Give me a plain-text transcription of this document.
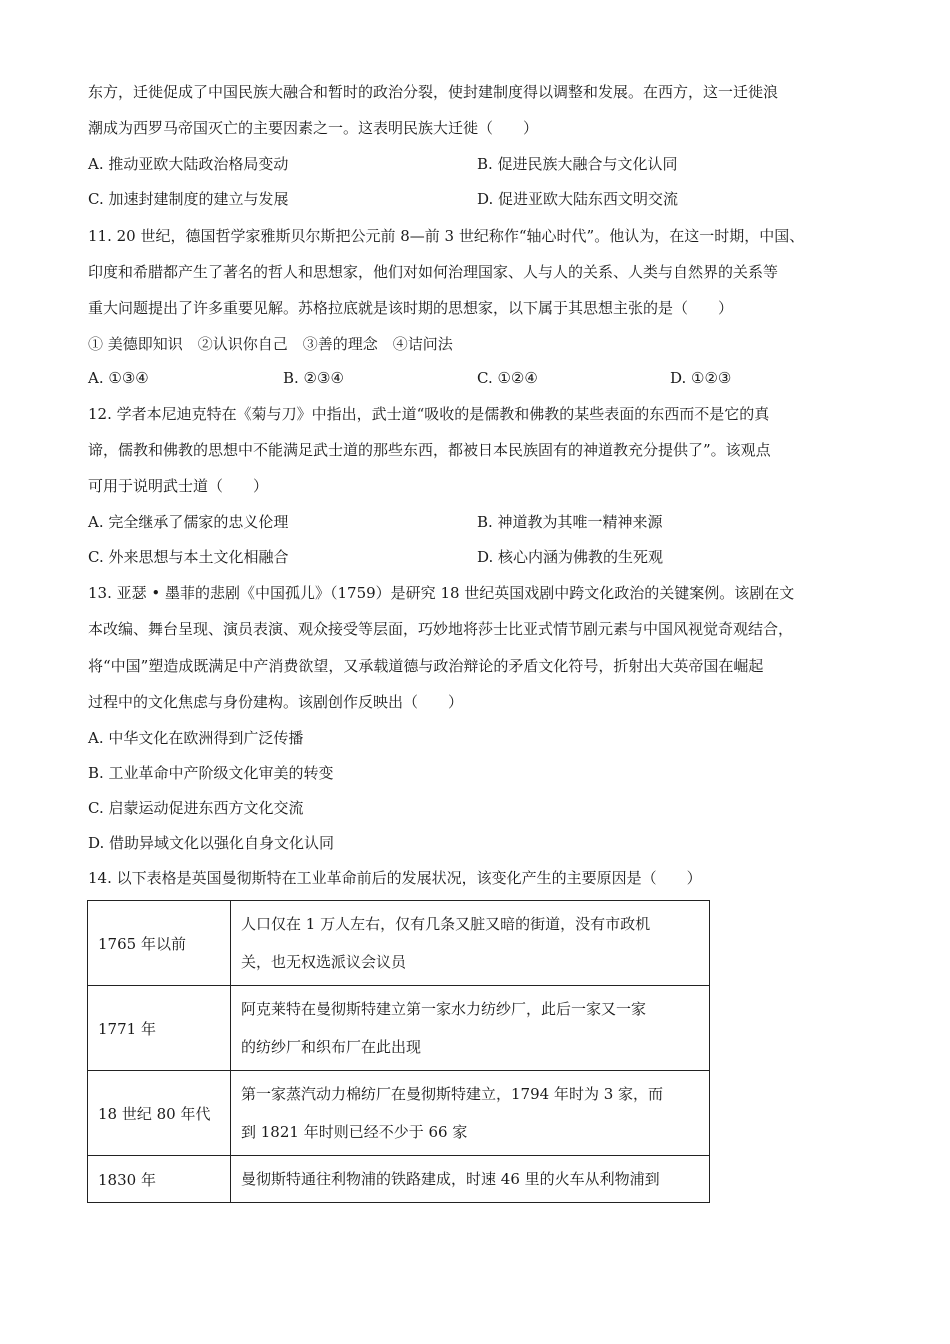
东方，迁徙促成了中国民族大融合和暂时的政治分裂，使封建制度得以调整和发展。在西方，这一迁徙浪
潮成为西罗马帝国灭亡的主要因素之一。这表明民族大迁徙（　　）
A. 推动亚欧大陆政治格局变动	B. 促进民族大融合与文化认同
C. 加速封建制度的建立与发展	D. 促进亚欧大陆东西文明交流
11. 20 世纪，德国哲学家雅斯贝尔斯把公元前 8—前 3 世纪称作“轴心时代”。他认为，在这一时期，中国、
印度和希腊都产生了著名的哲人和思想家，他们对如何治理国家、人与人的关系、人类与自然界的关系等
重大问题提出了许多重要见解。苏格拉底就是该时期的思想家，以下属于其思想主张的是（　　）
① 美德即知识　②认识你自己　③善的理念　④诘问法
A. ①③④	B. ②③④	C. ①②④	D. ①②③
12. 学者本尼迪克特在《菊与刀》中指出，武士道“吸收的是儒教和佛教的某些表面的东西而不是它的真
谛，儒教和佛教的思想中不能满足武士道的那些东西，都被日本民族固有的神道教充分提供了”。该观点
可用于说明武士道（　　）
A. 完全继承了儒家的忠义伦理	B. 神道教为其唯一精神来源
C. 外来思想与本土文化相融合	D. 核心内涵为佛教的生死观
13. 亚瑟 • 墨菲的悲剧《中国孤儿》（1759）是研究 18 世纪英国戏剧中跨文化政治的关键案例。该剧在文
本改编、舞台呈现、演员表演、观众接受等层面，巧妙地将莎士比亚式情节剧元素与中国风视觉奇观结合，
将“中国”塑造成既满足中产消费欲望，又承载道德与政治辩论的矛盾文化符号，折射出大英帝国在崛起
过程中的文化焦虑与身份建构。该剧创作反映出（　　）
A. 中华文化在欧洲得到广泛传播
B. 工业革命中产阶级文化审美的转变
C. 启蒙运动促进东西方文化交流
D. 借助异域文化以强化自身文化认同
14. 以下表格是英国曼彻斯特在工业革命前后的发展状况，该变化产生的主要原因是（　　）
1765 年以前	人口仅在 1 万人左右，仅有几条又脏又暗的街道，没有市政机
关，也无权选派议会议员

1771 年	阿克莱特在曼彻斯特建立第一家水力纺纱厂，此后一家又一家
的纺纱厂和织布厂在此出现

18 世纪 80 年代	第一家蒸汽动力棉纺厂在曼彻斯特建立，1794 年时为 3 家，而
到 1821 年时则已经不少于 66 家

1830 年	曼彻斯特通往利物浦的铁路建成，时速 46 里的火车从利物浦到
